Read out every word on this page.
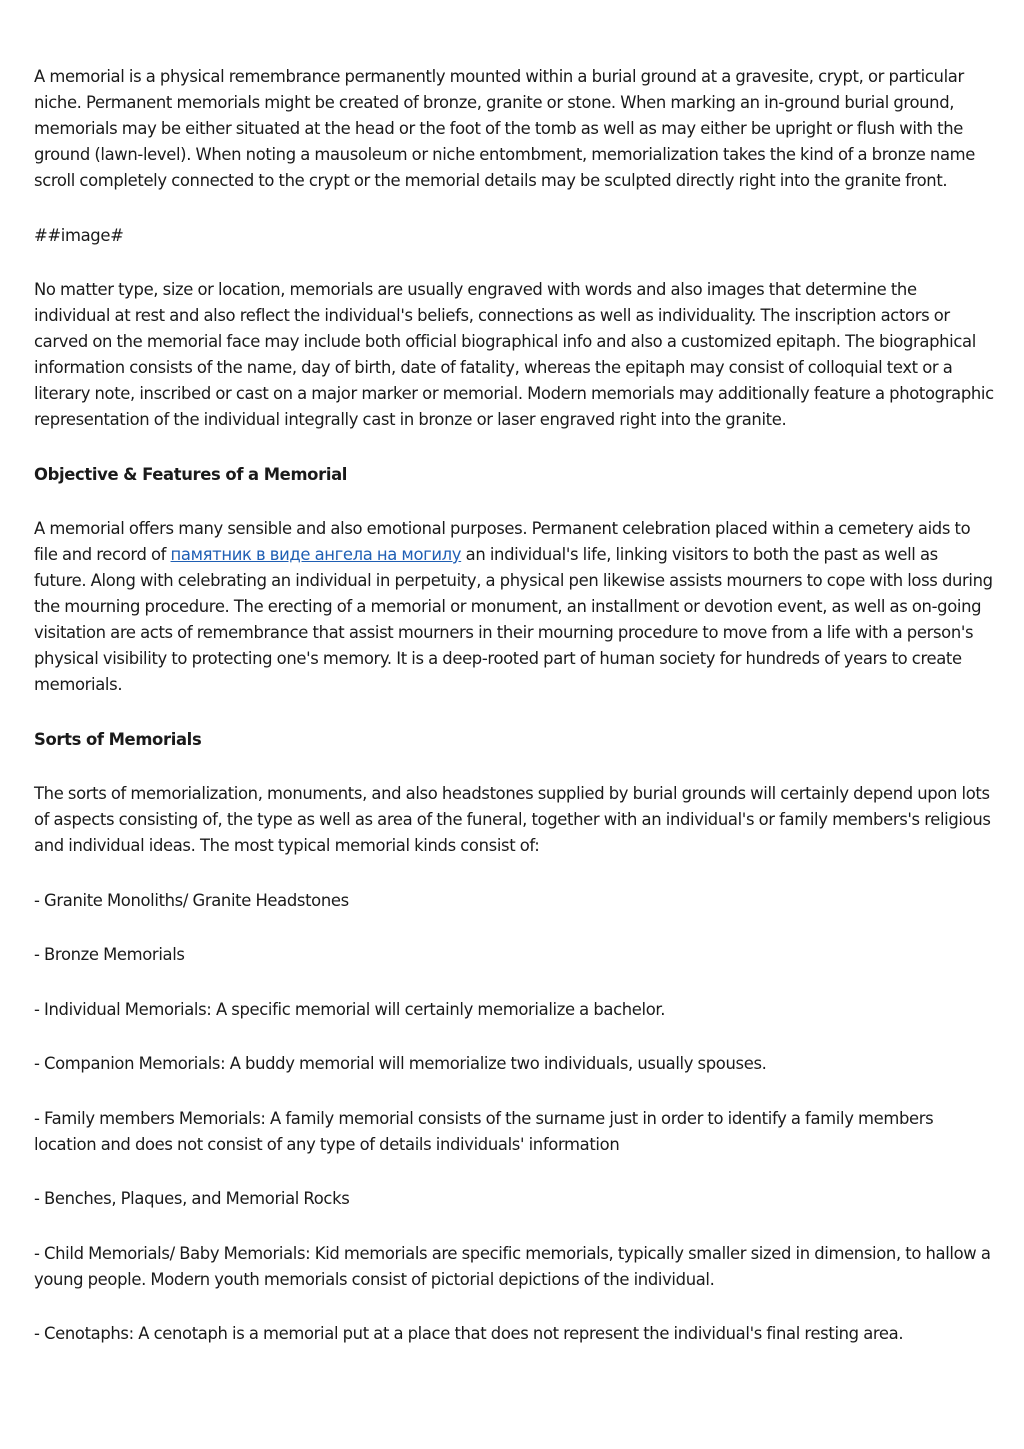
A memorial is a physical remembrance permanently mounted within a burial ground at a gravesite, crypt, or particular niche. Permanent memorials might be created of bronze, granite or stone. When marking an in-ground burial ground, memorials may be either situated at the head or the foot of the tomb as well as may either be upright or flush with the ground (lawn-level). When noting a mausoleum or niche entombment, memorialization takes the kind of a bronze name scroll completely connected to the crypt or the memorial details may be sculpted directly right into the granite front.

##image#

No matter type, size or location, memorials are usually engraved with words and also images that determine the individual at rest and also reflect the individual's beliefs, connections as well as individuality. The inscription actors or carved on the memorial face may include both official biographical info and also a customized epitaph. The biographical information consists of the name, day of birth, date of fatality, whereas the epitaph may consist of colloquial text or a literary note, inscribed or cast on a major marker or memorial. Modern memorials may additionally feature a photographic representation of the individual integrally cast in bronze or laser engraved right into the granite.

Objective & Features of a Memorial

A memorial offers many sensible and also emotional purposes. Permanent celebration placed within a cemetery aids to file and record of памятник в виде ангела на могилу an individual's life, linking visitors to both the past as well as future. Along with celebrating an individual in perpetuity, a physical pen likewise assists mourners to cope with loss during the mourning procedure. The erecting of a memorial or monument, an installment or devotion event, as well as on-going visitation are acts of remembrance that assist mourners in their mourning procedure to move from a life with a person's physical visibility to protecting one's memory. It is a deep-rooted part of human society for hundreds of years to create memorials.

Sorts of Memorials

The sorts of memorialization, monuments, and also headstones supplied by burial grounds will certainly depend upon lots of aspects consisting of, the type as well as area of the funeral, together with an individual's or family members's religious and individual ideas. The most typical memorial kinds consist of:

- Granite Monoliths/ Granite Headstones

- Bronze Memorials

- Individual Memorials: A specific memorial will certainly memorialize a bachelor.

- Companion Memorials: A buddy memorial will memorialize two individuals, usually spouses.

- Family members Memorials: A family memorial consists of the surname just in order to identify a family members location and does not consist of any type of details individuals' information

- Benches, Plaques, and Memorial Rocks

- Child Memorials/ Baby Memorials: Kid memorials are specific memorials, typically smaller sized in dimension, to hallow a young people. Modern youth memorials consist of pictorial depictions of the individual.

- Cenotaphs: A cenotaph is a memorial put at a place that does not represent the individual's final resting area.
